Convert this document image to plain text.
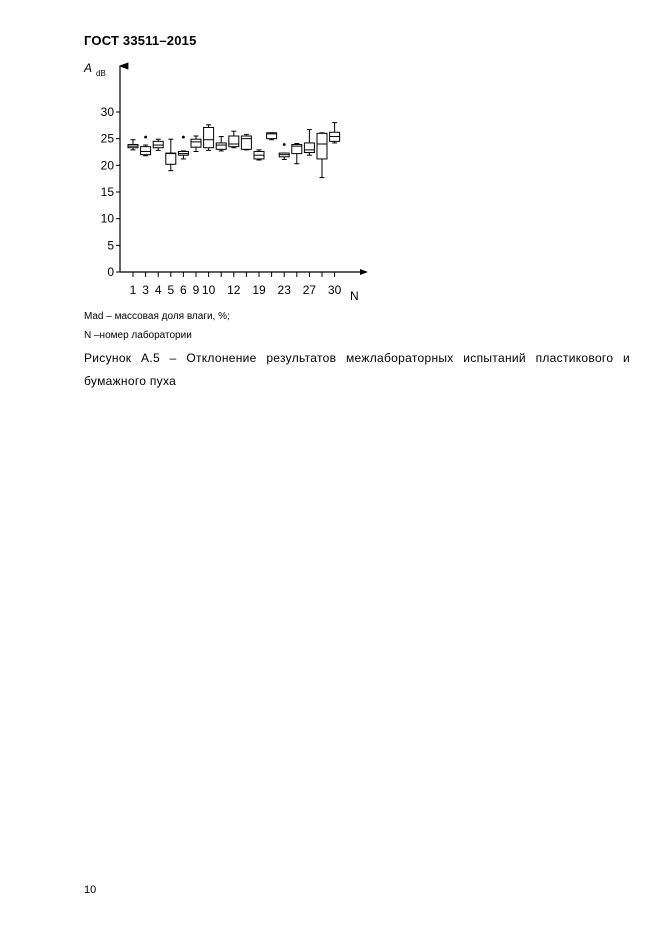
ГОСТ 33511–2015
0
5
10
15
20
25
30
A dB
N
1 3 4 5 6 9 10 12 19 23 27 30
Mad – массовая доля влаги, %;
N –номер лаборатории
Рисунок А.5 – Отклонение результатов межлабораторных испытаний пластикового и бумажного пуха
10
